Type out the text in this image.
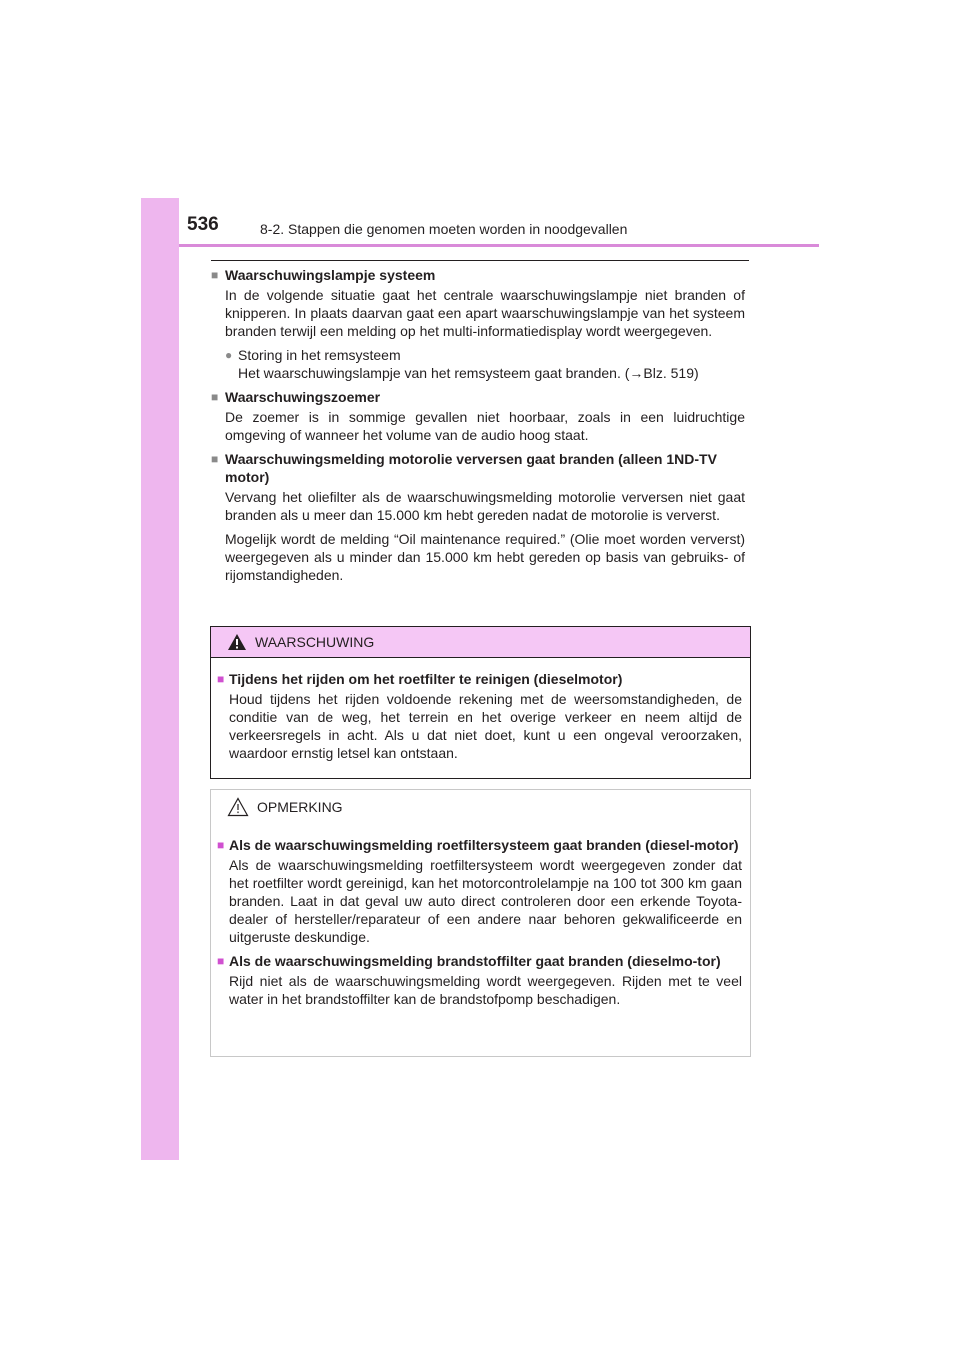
536	8-2. Stappen die genomen moeten worden in noodgevallen
■ Waarschuwingslampje systeem

In de volgende situatie gaat het centrale waarschuwingslampje niet branden of knipperen. In plaats daarvan gaat een apart waarschuwingslampje van het systeem branden terwijl een melding op het multi-informatiedisplay wordt weergegeven.

● Storing in het remsysteem
Het waarschuwingslampje van het remsysteem gaat branden. (→Blz. 519)
■ Waarschuwingszoemer

De zoemer is in sommige gevallen niet hoorbaar, zoals in een luidruchtige omgeving of wanneer het volume van de audio hoog staat.

■ Waarschuwingsmelding motorolie verversen gaat branden (alleen 1ND-TV motor)

Vervang het oliefilter als de waarschuwingsmelding motorolie verversen niet gaat branden als u meer dan 15.000 km hebt gereden nadat de motorolie is ververst.

Mogelijk wordt de melding “Oil maintenance required.” (Olie moet worden ververst) weergegeven als u minder dan 15.000 km hebt gereden op basis van gebruiks- of rijomstandigheden.

WAARSCHUWING
■ Tijdens het rijden om het roetfilter te reinigen (dieselmotor)
Houd tijdens het rijden voldoende rekening met de weersomstandigheden, de conditie van de weg, het terrein en het overige verkeer en neem altijd de verkeersregels in acht. Als u dat niet doet, kunt u een ongeval veroorzaken, waardoor ernstig letsel kan ontstaan.
OPMERKING
■ Als de waarschuwingsmelding roetfiltersysteem gaat branden (diesel-motor)
Als de waarschuwingsmelding roetfiltersysteem wordt weergegeven zonder dat het roetfilter wordt gereinigd, kan het motorcontrolelampje na 100 tot 300 km gaan branden. Laat in dat geval uw auto direct controleren door een erkende Toyota-dealer of hersteller/reparateur of een andere naar behoren gekwalificeerde en uitgeruste deskundige.
■ Als de waarschuwingsmelding brandstoffilter gaat branden (dieselmo-tor)
Rijd niet als de waarschuwingsmelding wordt weergegeven. Rijden met te veel water in het brandstoffilter kan de brandstofpomp beschadigen.
